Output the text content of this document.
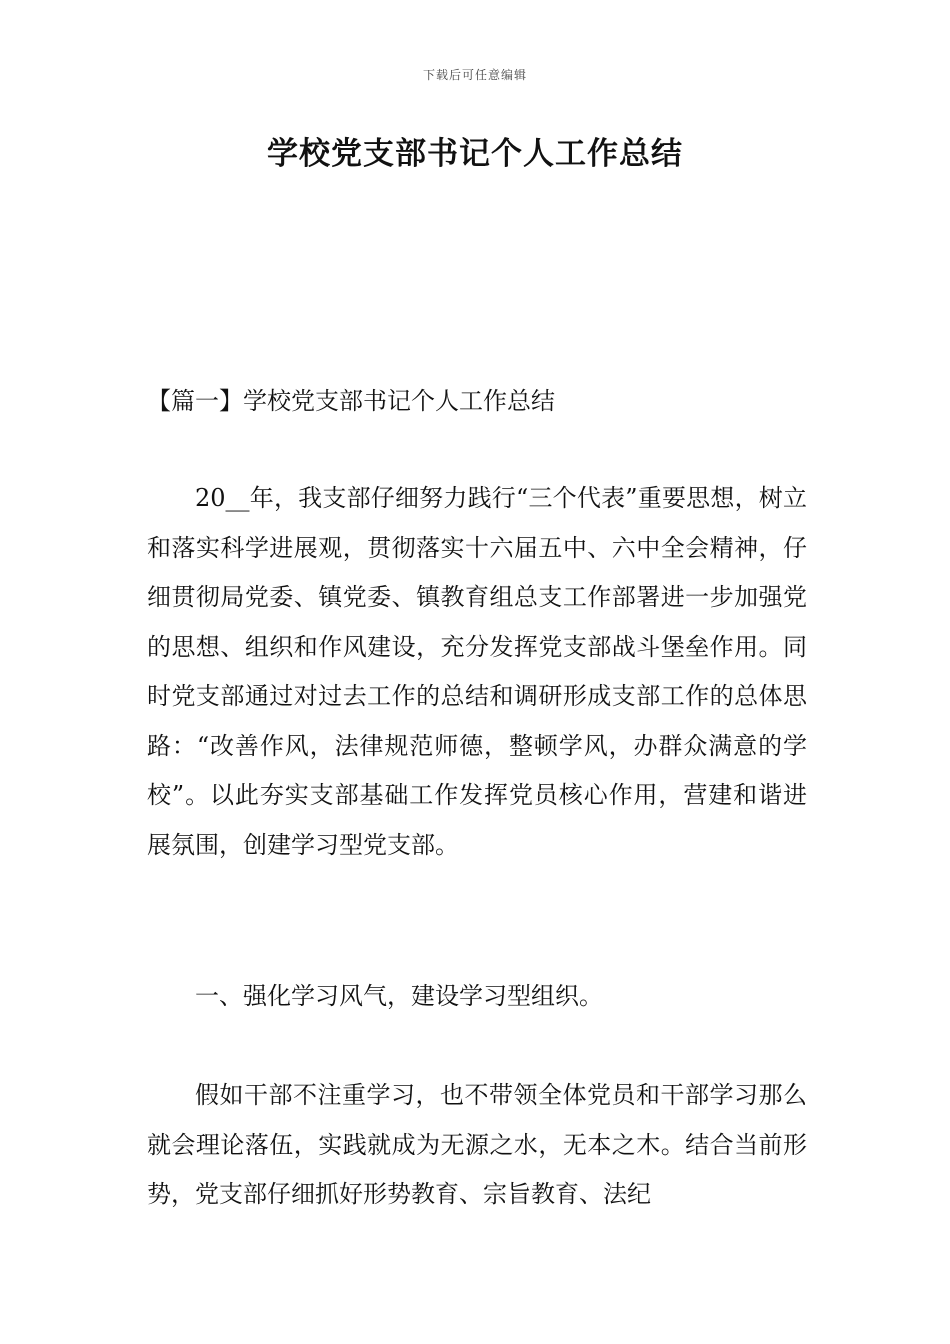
下载后可任意编辑
学校党支部书记个人工作总结
【篇一】学校党支部书记个人工作总结

20__年，我支部仔细努力践行“三个代表”重要思想，树立和落实科学进展观，贯彻落实十六届五中、六中全会精神，仔细贯彻局党委、镇党委、镇教育组总支工作部署进一步加强党的思想、组织和作风建设，充分发挥党支部战斗堡垒作用。同时党支部通过对过去工作的总结和调研形成支部工作的总体思路：“改善作风，法律规范师德，整顿学风，办群众满意的学校”。以此夯实支部基础工作发挥党员核心作用，营建和谐进展氛围，创建学习型党支部。

一、强化学习风气，建设学习型组织。

假如干部不注重学习，也不带领全体党员和干部学习那么就会理论落伍，实践就成为无源之水，无本之木。结合当前形势，党支部仔细抓好形势教育、宗旨教育、法纪
